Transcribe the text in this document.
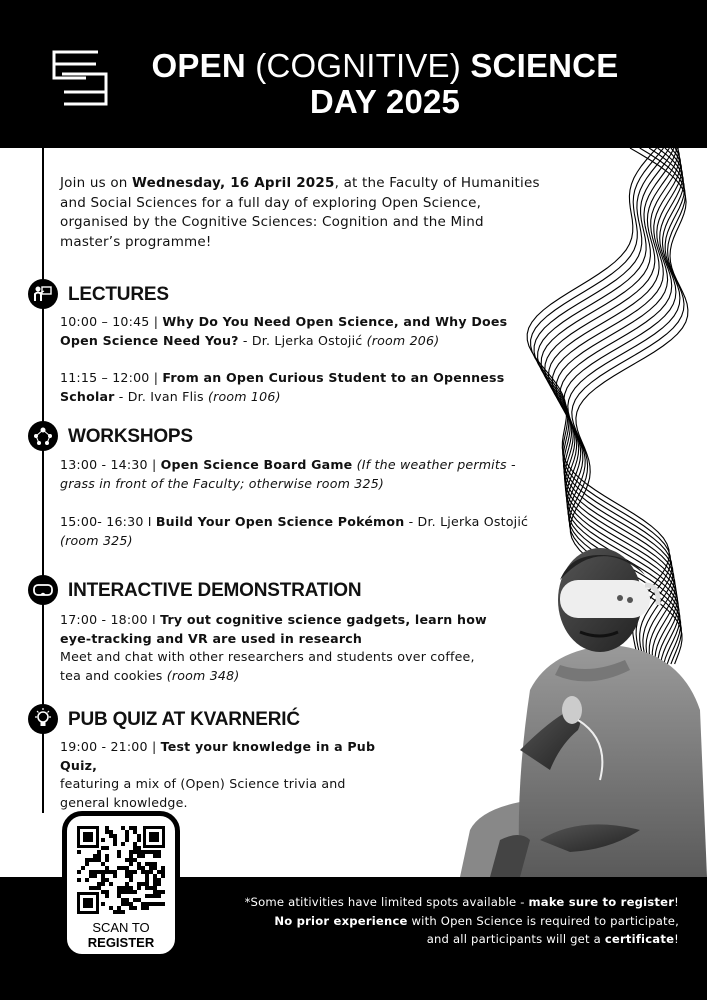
OPEN (COGNITIVE) SCIENCE
DAY 2025
Join us on Wednesday, 16 April 2025, at the Faculty of Humanities and Social Sciences for a full day of exploring Open Science, organised by the Cognitive Sciences: Cognition and the Mind master’s programme!
LECTURES
10:00 – 10:45 | Why Do You Need Open Science, and Why Does Open Science Need You? - Dr. Ljerka Ostojić (room 206)
11:15 – 12:00 | From an Open Curious Student to an Openness Scholar - Dr. Ivan Flis (room 106)
WORKSHOPS
13:00 - 14:30 | Open Science Board Game (If the weather permits - grass in front of the Faculty; otherwise room 325)
15:00- 16:30 I Build Your Open Science Pokémon - Dr. Ljerka Ostojić (room 325)
INTERACTIVE DEMONSTRATION
17:00 - 18:00 I Try out cognitive science gadgets, learn how eye-tracking and VR are used in research
Meet and chat with other researchers and students over coffee, tea and cookies (room 348)
PUB QUIZ AT KVARNERIĆ
19:00 - 21:00 | Test your knowledge in a Pub Quiz,
featuring a mix of (Open) Science trivia and general knowledge.
SCAN TO
REGISTER
*Some atitivities have limited spots available - make sure to register!
No prior experience with Open Science is required to participate,
and all participants will get a certificate!
